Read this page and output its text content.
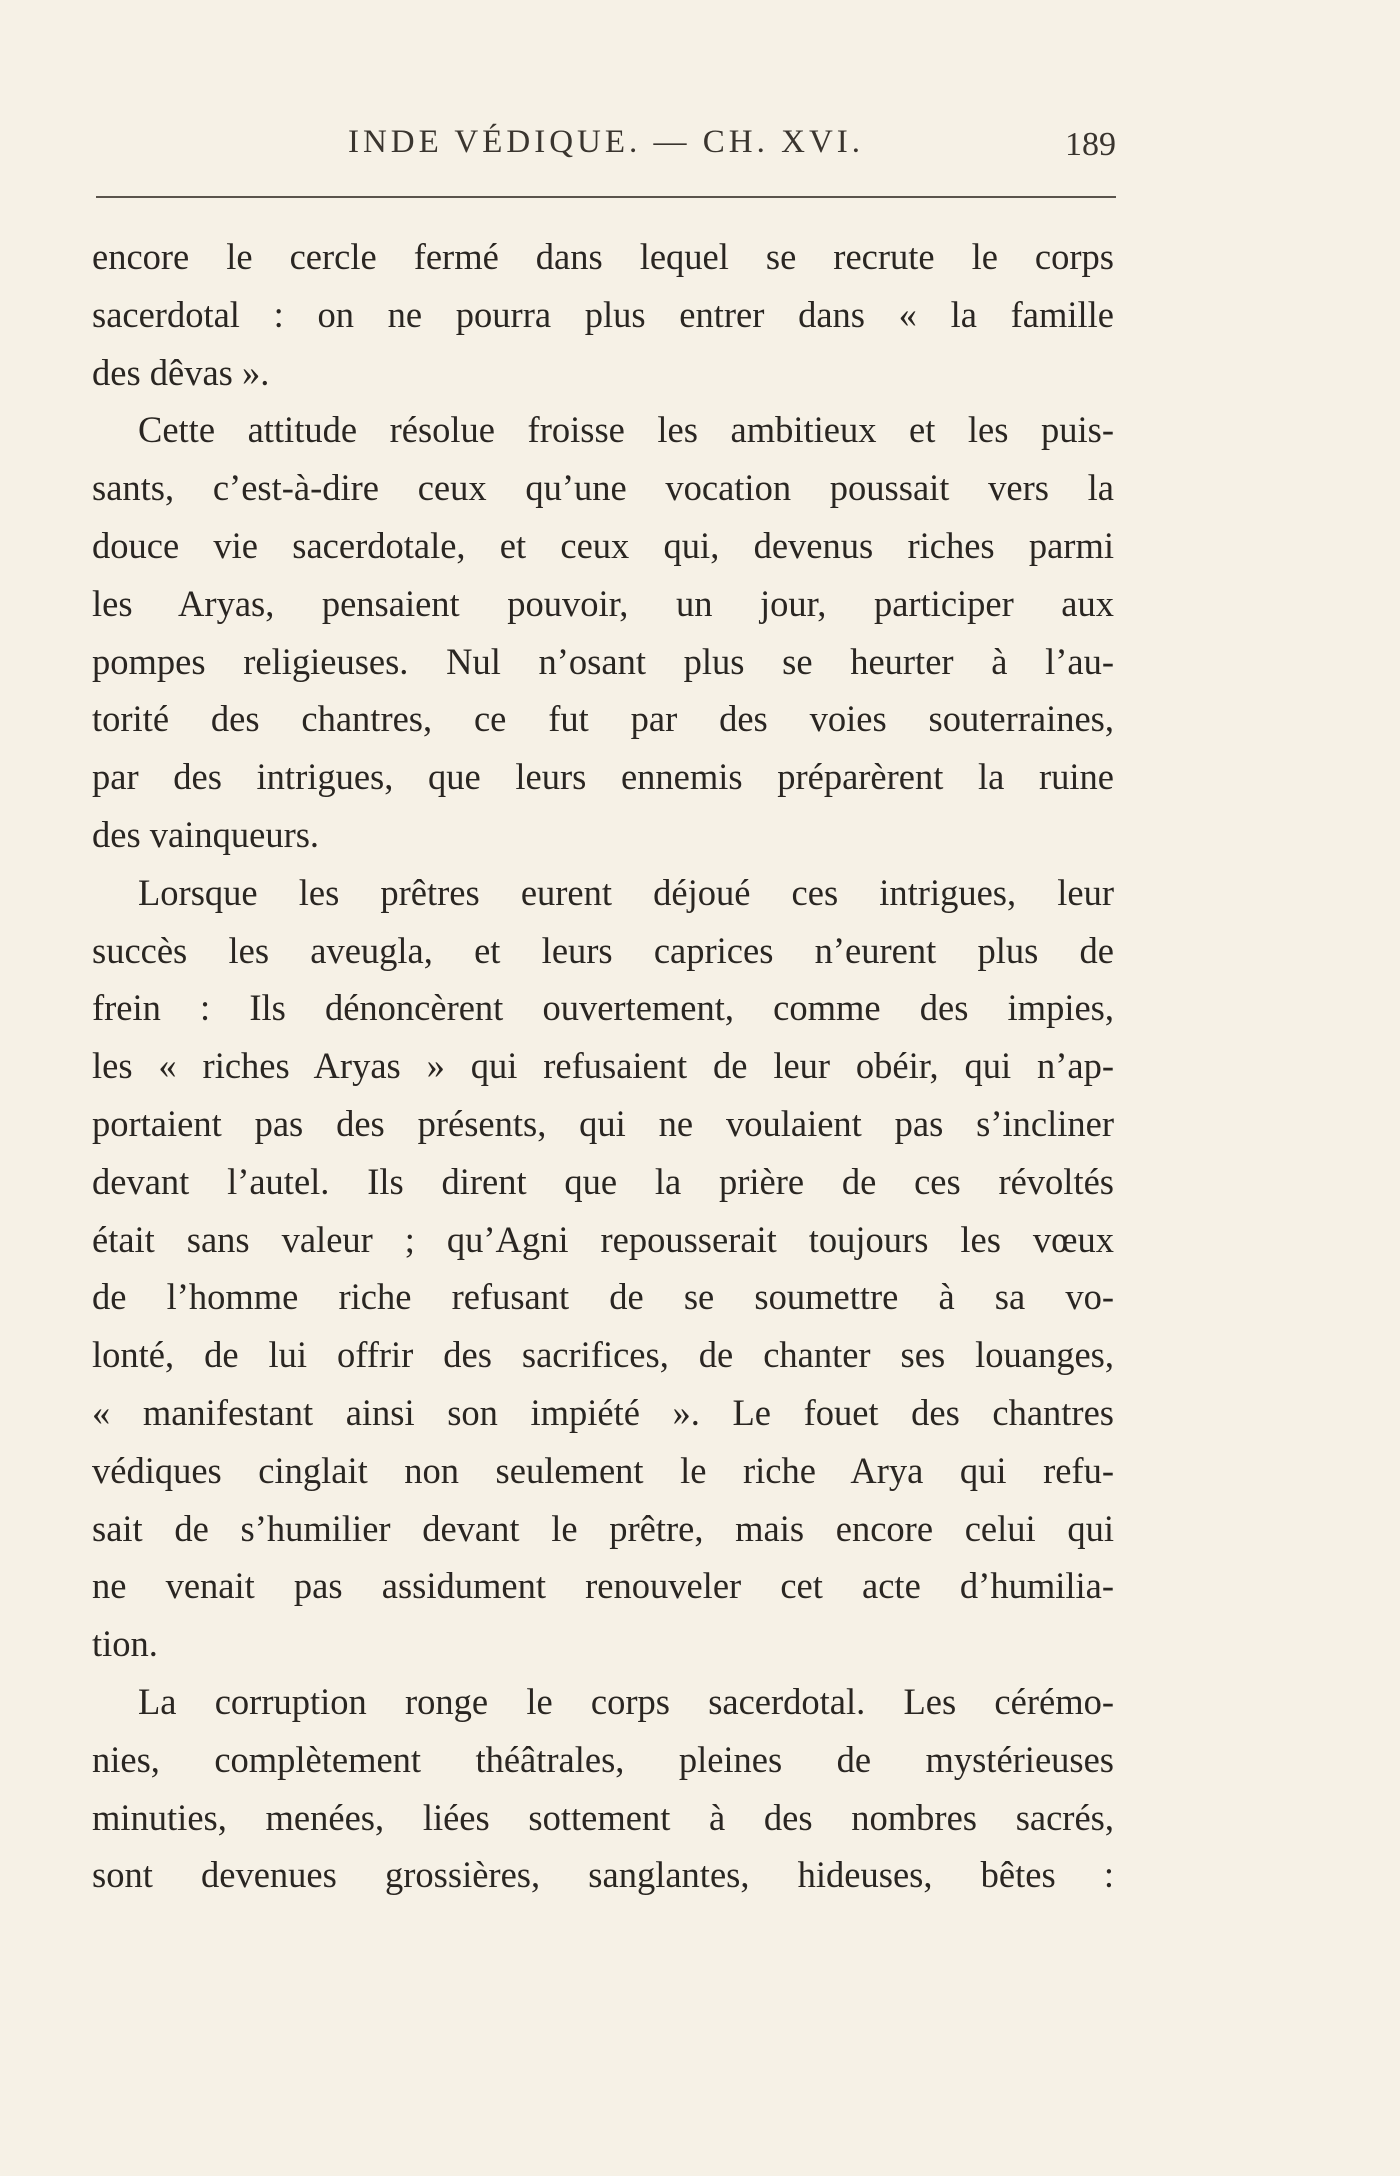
INDE VÉDIQUE. — CH. XVI.	189

encore le cercle fermé dans lequel se recrute le corps
sacerdotal : on ne pourra plus entrer dans « la famille
des dêvas ».

Cette attitude résolue froisse les ambitieux et les puis-
sants, c’est-à-dire ceux qu’une vocation poussait vers la
douce vie sacerdotale, et ceux qui, devenus riches parmi
les Aryas, pensaient pouvoir, un jour, participer aux
pompes religieuses. Nul n’osant plus se heurter à l’au-
torité des chantres, ce fut par des voies souterraines,
par des intrigues, que leurs ennemis préparèrent la ruine
des vainqueurs.

Lorsque les prêtres eurent déjoué ces intrigues, leur
succès les aveugla, et leurs caprices n’eurent plus de
frein : Ils dénoncèrent ouvertement, comme des impies,
les « riches Aryas » qui refusaient de leur obéir, qui n’ap-
portaient pas des présents, qui ne voulaient pas s’incliner
devant l’autel. Ils dirent que la prière de ces révoltés
était sans valeur ; qu’Agni repousserait toujours les vœux
de l’homme riche refusant de se soumettre à sa vo-
lonté, de lui offrir des sacrifices, de chanter ses louanges,
« manifestant ainsi son impiété ». Le fouet des chantres
védiques cinglait non seulement le riche Arya qui refu-
sait de s’humilier devant le prêtre, mais encore celui qui
ne venait pas assidument renouveler cet acte d’humilia-
tion.

La corruption ronge le corps sacerdotal. Les cérémo-
nies, complètement théâtrales, pleines de mystérieuses
minuties, menées, liées sottement à des nombres sacrés,
sont devenues grossières, sanglantes, hideuses, bêtes :
